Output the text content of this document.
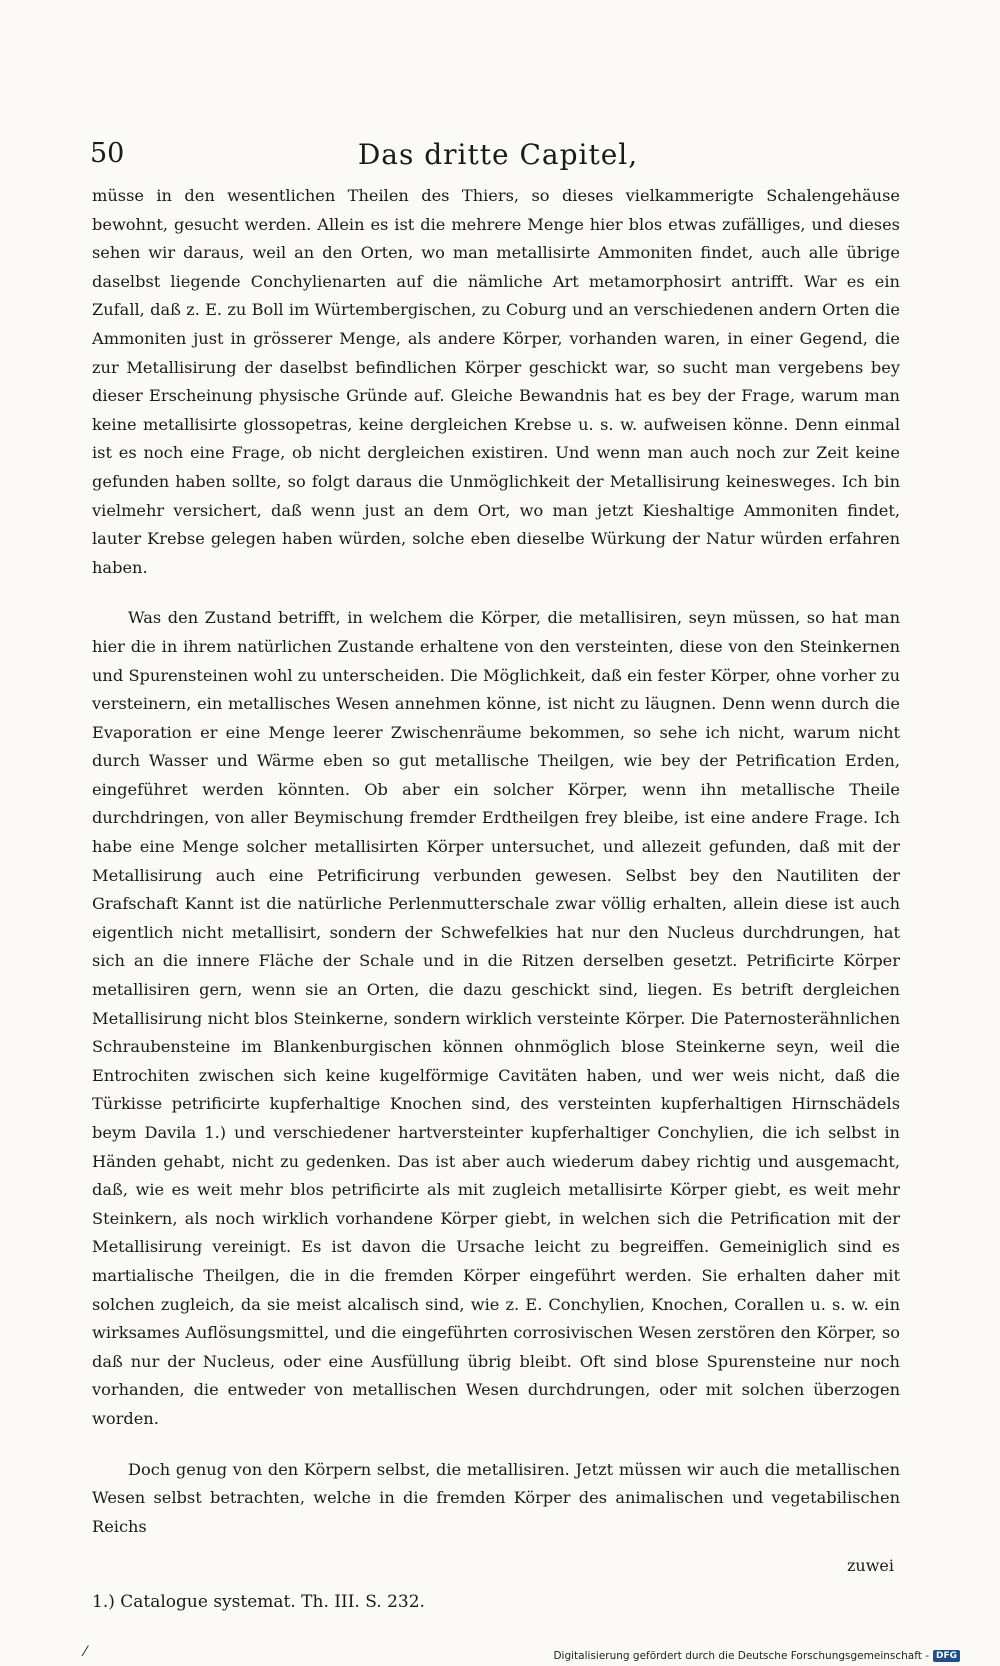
50	Das dritte Capitel,

müsse in den wesentlichen Theilen des Thiers, so dieses vielkammerigte Schalengehäuse bewohnt, gesucht werden. Allein es ist die mehrere Menge hier blos etwas zufälliges, und dieses sehen wir daraus, weil an den Orten, wo man metallisirte Ammoniten findet, auch alle übrige daselbst liegende Conchylienarten auf die nämliche Art metamorphosirt antrifft. War es ein Zufall, daß z. E. zu Boll im Würtembergischen, zu Coburg und an verschiedenen andern Orten die Ammoniten just in grösserer Menge, als andere Körper, vorhanden waren, in einer Gegend, die zur Metallisirung der daselbst befindlichen Körper geschickt war, so sucht man vergebens bey dieser Erscheinung physische Gründe auf. Gleiche Bewandnis hat es bey der Frage, warum man keine metallisirte glossopetras, keine dergleichen Krebse u. s. w. aufweisen könne. Denn einmal ist es noch eine Frage, ob nicht dergleichen existiren. Und wenn man auch noch zur Zeit keine gefunden haben sollte, so folgt daraus die Unmöglichkeit der Metallisirung keinesweges. Ich bin vielmehr versichert, daß wenn just an dem Ort, wo man jetzt Kieshaltige Ammoniten findet, lauter Krebse gelegen haben würden, solche eben dieselbe Würkung der Natur würden erfahren haben.

Was den Zustand betrifft, in welchem die Körper, die metallisiren, seyn müssen, so hat man hier die in ihrem natürlichen Zustande erhaltene von den versteinten, diese von den Steinkernen und Spurensteinen wohl zu unterscheiden. Die Möglichkeit, daß ein fester Körper, ohne vorher zu versteinern, ein metallisches Wesen annehmen könne, ist nicht zu läugnen. Denn wenn durch die Evaporation er eine Menge leerer Zwischenräume bekommen, so sehe ich nicht, warum nicht durch Wasser und Wärme eben so gut metallische Theilgen, wie bey der Petrification Erden, eingeführet werden könnten. Ob aber ein solcher Körper, wenn ihn metallische Theile durchdringen, von aller Beymischung fremder Erdtheilgen frey bleibe, ist eine andere Frage. Ich habe eine Menge solcher metallisirten Körper untersuchet, und allezeit gefunden, daß mit der Metallisirung auch eine Petrificirung verbunden gewesen. Selbst bey den Nautiliten der Grafschaft Kannt ist die natürliche Perlenmutterschale zwar völlig erhalten, allein diese ist auch eigentlich nicht metallisirt, sondern der Schwefelkies hat nur den Nucleus durchdrungen, hat sich an die innere Fläche der Schale und in die Ritzen derselben gesetzt. Petrificirte Körper metallisiren gern, wenn sie an Orten, die dazu geschickt sind, liegen. Es betrift dergleichen Metallisirung nicht blos Steinkerne, sondern wirklich versteinte Körper. Die Paternosterähnlichen Schraubensteine im Blankenburgischen können ohnmöglich blose Steinkerne seyn, weil die Entrochiten zwischen sich keine kugelförmige Cavitäten haben, und wer weis nicht, daß die Türkisse petrificirte kupferhaltige Knochen sind, des versteinten kupferhaltigen Hirnschädels beym Davila 1.) und verschiedener hartversteinter kupferhaltiger Conchylien, die ich selbst in Händen gehabt, nicht zu gedenken. Das ist aber auch wiederum dabey richtig und ausgemacht, daß, wie es weit mehr blos petrificirte als mit zugleich metallisirte Körper giebt, es weit mehr Steinkern, als noch wirklich vorhandene Körper giebt, in welchen sich die Petrification mit der Metallisirung vereinigt. Es ist davon die Ursache leicht zu begreiffen. Gemeiniglich sind es martialische Theilgen, die in die fremden Körper eingeführt werden. Sie erhalten daher mit solchen zugleich, da sie meist alcalisch sind, wie z. E. Conchylien, Knochen, Corallen u. s. w. ein wirksames Auflösungsmittel, und die eingeführten corrosivischen Wesen zerstören den Körper, so daß nur der Nucleus, oder eine Ausfüllung übrig bleibt. Oft sind blose Spurensteine nur noch vorhanden, die entweder von metallischen Wesen durchdrungen, oder mit solchen überzogen worden.

Doch genug von den Körpern selbst, die metallisiren. Jetzt müssen wir auch die metallischen Wesen selbst betrachten, welche in die fremden Körper des animalischen und vegetabilischen Reichs

zuwei
1.) Catalogue systemat. Th. III. S. 232.
⁄	Digitalisierung gefördert durch die Deutsche Forschungsgemeinschaft - DFG
